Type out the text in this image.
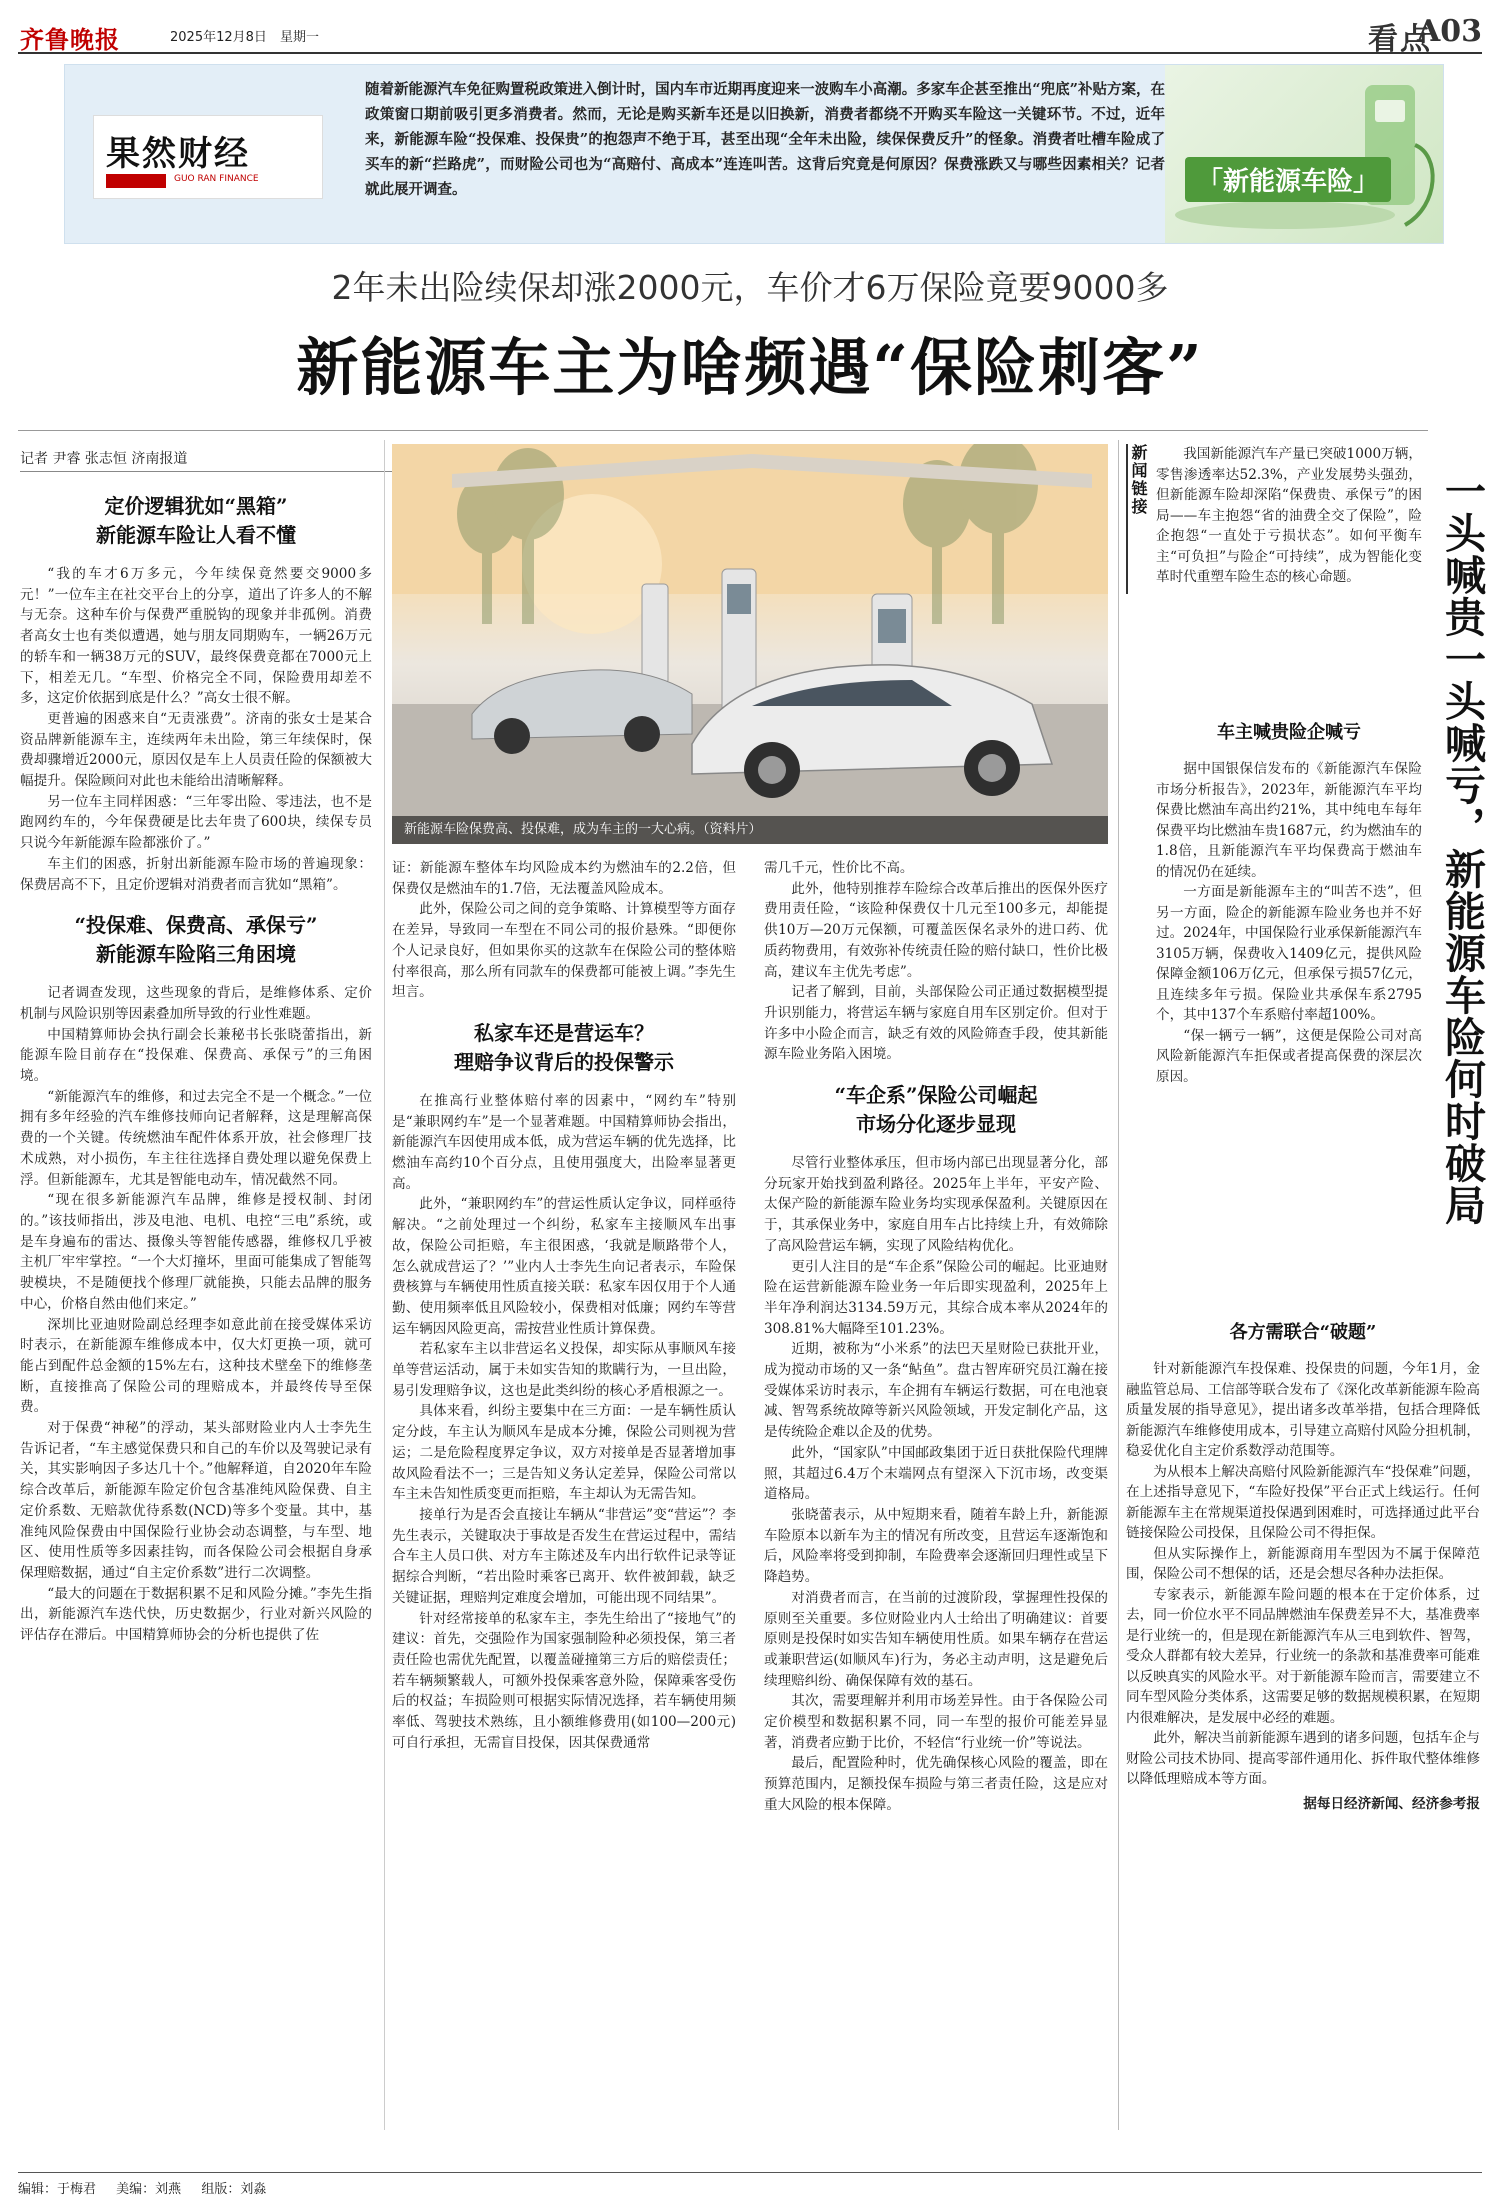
齐鲁晚报	2025年12月8日 星期一	看点
A03
果然财经
GUO RAN FINANCE
随着新能源汽车免征购置税政策进入倒计时，国内车市近期再度迎来一波购车小高潮。多家车企甚至推出“兜底”补贴方案，在政策窗口期前吸引更多消费者。然而，无论是购买新车还是以旧换新，消费者都绕不开购买车险这一关键环节。不过，近年来，新能源车险“投保难、投保贵”的抱怨声不绝于耳，甚至出现“全年未出险，续保保费反升”的怪象。消费者吐槽车险成了买车的新“拦路虎”，而财险公司也为“高赔付、高成本”连连叫苦。这背后究竟是何原因？保费涨跌又与哪些因素相关？记者就此展开调查。	「新能源车险」
2年未出险续保却涨2000元，车价才6万保险竟要9000多
新能源车主为啥频遇“保险刺客”
记者 尹睿 张志恒 济南报道
定价逻辑犹如“黑箱”
新能源车险让人看不懂

“我的车才6万多元，今年续保竟然要交9000多元！”一位车主在社交平台上的分享，道出了许多人的不解与无奈。这种车价与保费严重脱钩的现象并非孤例。消费者高女士也有类似遭遇，她与朋友同期购车，一辆26万元的轿车和一辆38万元的SUV，最终保费竟都在7000元上下，相差无几。“车型、价格完全不同，保险费用却差不多，这定价依据到底是什么？”高女士很不解。

更普遍的困惑来自“无责涨费”。济南的张女士是某合资品牌新能源车主，连续两年未出险，第三年续保时，保费却骤增近2000元，原因仅是车上人员责任险的保额被大幅提升。保险顾问对此也未能给出清晰解释。

另一位车主同样困惑：“三年零出险、零违法，也不是跑网约车的，今年保费硬是比去年贵了600块，续保专员只说今年新能源车险都涨价了。”

车主们的困惑，折射出新能源车险市场的普遍现象：保费居高不下，且定价逻辑对消费者而言犹如“黑箱”。

“投保难、保费高、承保亏”
新能源车险陷三角困境

记者调查发现，这些现象的背后，是维修体系、定价机制与风险识别等因素叠加所导致的行业性难题。

中国精算师协会执行副会长兼秘书长张晓蕾指出，新能源车险目前存在“投保难、保费高、承保亏”的三角困境。

“新能源汽车的维修，和过去完全不是一个概念。”一位拥有多年经验的汽车维修技师向记者解释，这是理解高保费的一个关键。传统燃油车配件体系开放，社会修理厂技术成熟，对小损伤，车主往往选择自费处理以避免保费上浮。但新能源车，尤其是智能电动车，情况截然不同。

“现在很多新能源汽车品牌，维修是授权制、封闭的。”该技师指出，涉及电池、电机、电控“三电”系统，或是车身遍布的雷达、摄像头等智能传感器，维修权几乎被主机厂牢牢掌控。“一个大灯撞坏，里面可能集成了智能驾驶模块，不是随便找个修理厂就能换，只能去品牌的服务中心，价格自然由他们来定。”

深圳比亚迪财险副总经理李如意此前在接受媒体采访时表示，在新能源车维修成本中，仅大灯更换一项，就可能占到配件总金额的15%左右，这种技术壁垒下的维修垄断，直接推高了保险公司的理赔成本，并最终传导至保费。

对于保费“神秘”的浮动，某头部财险业内人士李先生告诉记者，“车主感觉保费只和自己的车价以及驾驶记录有关，其实影响因子多达几十个。”他解释道，自2020年车险综合改革后，新能源车险定价包含基准纯风险保费、自主定价系数、无赔款优待系数(NCD)等多个变量。其中，基准纯风险保费由中国保险行业协会动态调整，与车型、地区、使用性质等多因素挂钩，而各保险公司会根据自身承保理赔数据，通过“自主定价系数”进行二次调整。

“最大的问题在于数据积累不足和风险分摊。”李先生指出，新能源汽车迭代快，历史数据少，行业对新兴风险的评估存在滞后。中国精算师协会的分析也提供了佐

新能源车险保费高、投保难，成为车主的一大心病。（资料片）

证：新能源车整体车均风险成本约为燃油车的2.2倍，但保费仅是燃油车的1.7倍，无法覆盖风险成本。

此外，保险公司之间的竞争策略、计算模型等方面存在差异，导致同一车型在不同公司的报价悬殊。“即便你个人记录良好，但如果你买的这款车在保险公司的整体赔付率很高，那么所有同款车的保费都可能被上调。”李先生坦言。

私家车还是营运车？
理赔争议背后的投保警示

在推高行业整体赔付率的因素中，“网约车”特别是“兼职网约车”是一个显著难题。中国精算师协会指出，新能源汽车因使用成本低，成为营运车辆的优先选择，比燃油车高约10个百分点，且使用强度大，出险率显著更高。

此外，“兼职网约车”的营运性质认定争议，同样亟待解决。“之前处理过一个纠纷，私家车主接顺风车出事故，保险公司拒赔，车主很困惑，‘我就是顺路带个人，怎么就成营运了？’”业内人士李先生向记者表示，车险保费核算与车辆使用性质直接关联：私家车因仅用于个人通勤、使用频率低且风险较小，保费相对低廉；网约车等营运车辆因风险更高，需按营业性质计算保费。

若私家车主以非营运名义投保，却实际从事顺风车接单等营运活动，属于未如实告知的欺瞒行为，一旦出险，易引发理赔争议，这也是此类纠纷的核心矛盾根源之一。

具体来看，纠纷主要集中在三方面：一是车辆性质认定分歧，车主认为顺风车是成本分摊，保险公司则视为营运；二是危险程度界定争议，双方对接单是否显著增加事故风险看法不一；三是告知义务认定差异，保险公司常以车主未告知性质变更而拒赔，车主却认为无需告知。

接单行为是否会直接让车辆从“非营运”变“营运”？李先生表示，关键取决于事故是否发生在营运过程中，需结合车主人员口供、对方车主陈述及车内出行软件记录等证据综合判断，“若出险时乘客已离开、软件被卸载，缺乏关键证据，理赔判定难度会增加，可能出现不同结果”。

针对经常接单的私家车主，李先生给出了“接地气”的建议：首先，交强险作为国家强制险种必须投保，第三者责任险也需优先配置，以覆盖碰撞第三方后的赔偿责任；若车辆频繁载人，可额外投保乘客意外险，保障乘客受伤后的权益；车损险则可根据实际情况选择，若车辆使用频率低、驾驶技术熟练，且小额维修费用(如100—200元)可自行承担，无需盲目投保，因其保费通常

需几千元，性价比不高。

此外，他特别推荐车险综合改革后推出的医保外医疗费用责任险，“该险种保费仅十几元至100多元，却能提供10万—20万元保额，可覆盖医保名录外的进口药、优质药物费用，有效弥补传统责任险的赔付缺口，性价比极高，建议车主优先考虑”。

记者了解到，目前，头部保险公司正通过数据模型提升识别能力，将营运车辆与家庭自用车区别定价。但对于许多中小险企而言，缺乏有效的风险筛查手段，使其新能源车险业务陷入困境。

“车企系”保险公司崛起
市场分化逐步显现

尽管行业整体承压，但市场内部已出现显著分化，部分玩家开始找到盈利路径。2025年上半年，平安产险、太保产险的新能源车险业务均实现承保盈利。关键原因在于，其承保业务中，家庭自用车占比持续上升，有效筛除了高风险营运车辆，实现了风险结构优化。

更引人注目的是“车企系”保险公司的崛起。比亚迪财险在运营新能源车险业务一年后即实现盈利，2025年上半年净利润达3134.59万元，其综合成本率从2024年的308.81%大幅降至101.23%。

近期，被称为“小米系”的法巴天星财险已获批开业，成为搅动市场的又一条“鲇鱼”。盘古智库研究员江瀚在接受媒体采访时表示，车企拥有车辆运行数据，可在电池衰减、智驾系统故障等新兴风险领域，开发定制化产品，这是传统险企难以企及的优势。

此外，“国家队”中国邮政集团于近日获批保险代理牌照，其超过6.4万个末端网点有望深入下沉市场，改变渠道格局。

张晓蕾表示，从中短期来看，随着车龄上升，新能源车险原本以新车为主的情况有所改变，且营运车逐渐饱和后，风险率将受到抑制，车险费率会逐渐回归理性或呈下降趋势。

对消费者而言，在当前的过渡阶段，掌握理性投保的原则至关重要。多位财险业内人士给出了明确建议：首要原则是投保时如实告知车辆使用性质。如果车辆存在营运或兼职营运(如顺风车)行为，务必主动声明，这是避免后续理赔纠纷、确保保障有效的基石。

其次，需要理解并利用市场差异性。由于各保险公司定价模型和数据积累不同，同一车型的报价可能差异显著，消费者应勤于比价，不轻信“行业统一价”等说法。

最后，配置险种时，优先确保核心风险的覆盖，即在预算范围内，足额投保车损险与第三者责任险，这是应对重大风险的根本保障。

新闻链接	一头喊贵一头喊亏，新能源车险何时破局

我国新能源汽车产量已突破1000万辆，零售渗透率达52.3%，产业发展势头强劲，但新能源车险却深陷“保费贵、承保亏”的困局——车主抱怨“省的油费全交了保险”，险企抱怨“一直处于亏损状态”。如何平衡车主“可负担”与险企“可持续”，成为智能化变革时代重塑车险生态的核心命题。

车主喊贵险企喊亏

据中国银保信发布的《新能源汽车保险市场分析报告》，2023年，新能源汽车平均保费比燃油车高出约21%，其中纯电车每年保费平均比燃油车贵1687元，约为燃油车的1.8倍，且新能源汽车平均保费高于燃油车的情况仍在延续。

一方面是新能源车主的“叫苦不迭”，但另一方面，险企的新能源车险业务也并不好过。2024年，中国保险行业承保新能源汽车3105万辆，保费收入1409亿元，提供风险保障金额106万亿元，但承保亏损57亿元，且连续多年亏损。保险业共承保车系2795个，其中137个车系赔付率超100%。

“保一辆亏一辆”，这便是保险公司对高风险新能源汽车拒保或者提高保费的深层次原因。

各方需联合“破题”

针对新能源汽车投保难、投保贵的问题，今年1月，金融监管总局、工信部等联合发布了《深化改革新能源车险高质量发展的指导意见》，提出诸多改革举措，包括合理降低新能源汽车维修使用成本，引导建立高赔付风险分担机制，稳妥优化自主定价系数浮动范围等。

为从根本上解决高赔付风险新能源汽车“投保难”问题，在上述指导意见下，“车险好投保”平台正式上线运行。任何新能源车主在常规渠道投保遇到困难时，可选择通过此平台链接保险公司投保，且保险公司不得拒保。

但从实际操作上，新能源商用车型因为不属于保障范围，保险公司不想保的话，还是会想尽各种办法拒保。

专家表示，新能源车险问题的根本在于定价体系，过去，同一价位水平不同品牌燃油车保费差异不大，基准费率是行业统一的，但是现在新能源汽车从三电到软件、智驾，受众人群都有较大差异，行业统一的条款和基准费率可能难以反映真实的风险水平。对于新能源车险而言，需要建立不同车型风险分类体系，这需要足够的数据规模积累，在短期内很难解决，是发展中必经的难题。

此外，解决当前新能源车遇到的诸多问题，包括车企与财险公司技术协同、提高零部件通用化、拆件取代整体维修以降低理赔成本等方面。

据每日经济新闻、经济参考报
编辑：于梅君 美编：刘燕 组版：刘淼
